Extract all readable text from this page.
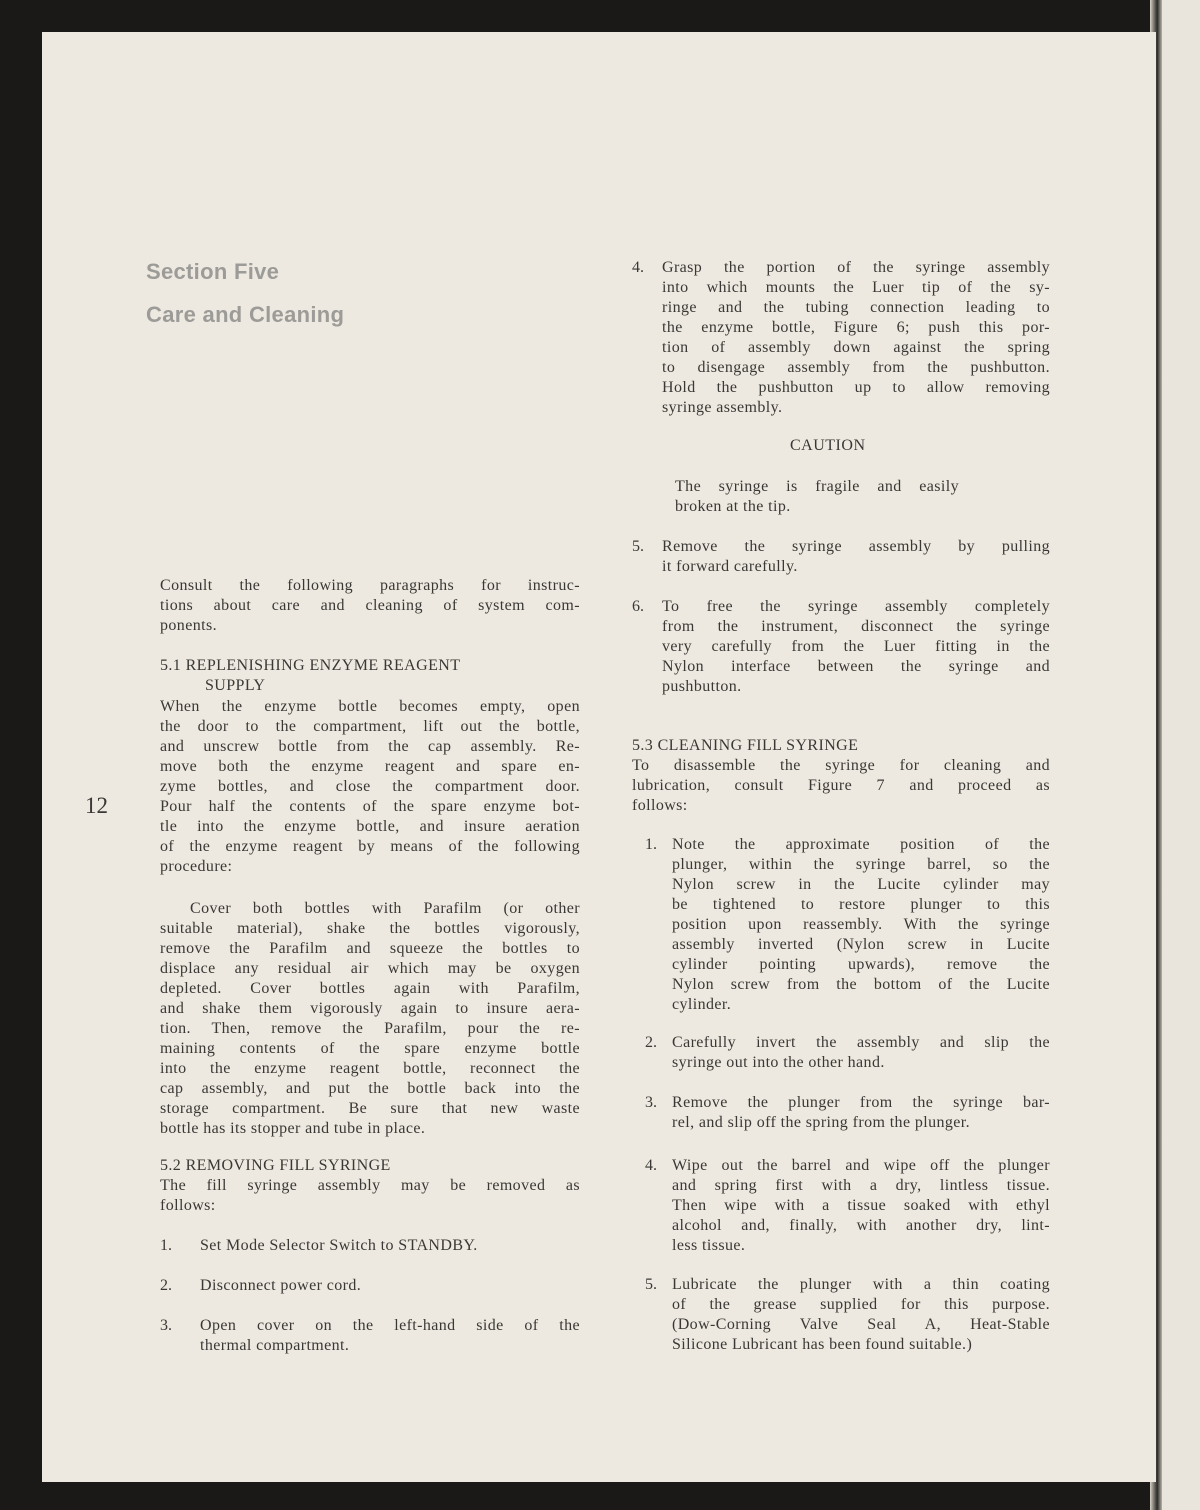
Section Five
Care and Cleaning
12
Consult the following paragraphs for instruc-
tions about care and cleaning of system com-
ponents.
5.1 REPLENISHING ENZYME REAGENT
SUPPLY
When the enzyme bottle becomes empty, open
the door to the compartment, lift out the bottle,
and unscrew bottle from the cap assembly. Re-
move both the enzyme reagent and spare en-
zyme bottles, and close the compartment door.
Pour half the contents of the spare enzyme bot-
tle into the enzyme bottle, and insure aeration
of the enzyme reagent by means of the following
procedure:
Cover both bottles with Parafilm (or other
suitable material), shake the bottles vigorously,
remove the Parafilm and squeeze the bottles to
displace any residual air which may be oxygen
depleted. Cover bottles again with Parafilm,
and shake them vigorously again to insure aera-
tion. Then, remove the Parafilm, pour the re-
maining contents of the spare enzyme bottle
into the enzyme reagent bottle, reconnect the
cap assembly, and put the bottle back into the
storage compartment. Be sure that new waste
bottle has its stopper and tube in place.
5.2 REMOVING FILL SYRINGE
The fill syringe assembly may be removed as
follows:
1. Set Mode Selector Switch to STANDBY.
2. Disconnect power cord.
3. Open cover on the left-hand side of the
thermal compartment.
4. Grasp the portion of the syringe assembly
into which mounts the Luer tip of the sy-
ringe and the tubing connection leading to
the enzyme bottle, Figure 6; push this por-
tion of assembly down against the spring
to disengage assembly from the pushbutton.
Hold the pushbutton up to allow removing
syringe assembly.
5. Remove the syringe assembly by pulling
it forward carefully.
6. To free the syringe assembly completely
from the instrument, disconnect the syringe
very carefully from the Luer fitting in the
Nylon interface between the syringe and
pushbutton.
CAUTION
The syringe is fragile and easily
broken at the tip.
5.3 CLEANING FILL SYRINGE
To disassemble the syringe for cleaning and
lubrication, consult Figure 7 and proceed as
follows:
1. Note the approximate position of the
plunger, within the syringe barrel, so the
Nylon screw in the Lucite cylinder may
be tightened to restore plunger to this
position upon reassembly. With the syringe
assembly inverted (Nylon screw in Lucite
cylinder pointing upwards), remove the
Nylon screw from the bottom of the Lucite
cylinder.
2. Carefully invert the assembly and slip the
syringe out into the other hand.
3. Remove the plunger from the syringe bar-
rel, and slip off the spring from the plunger.
4. Wipe out the barrel and wipe off the plunger
and spring first with a dry, lintless tissue.
Then wipe with a tissue soaked with ethyl
alcohol and, finally, with another dry, lint-
less tissue.
5. Lubricate the plunger with a thin coating
of the grease supplied for this purpose.
(Dow-Corning Valve Seal A, Heat-Stable
Silicone Lubricant has been found suitable.)
